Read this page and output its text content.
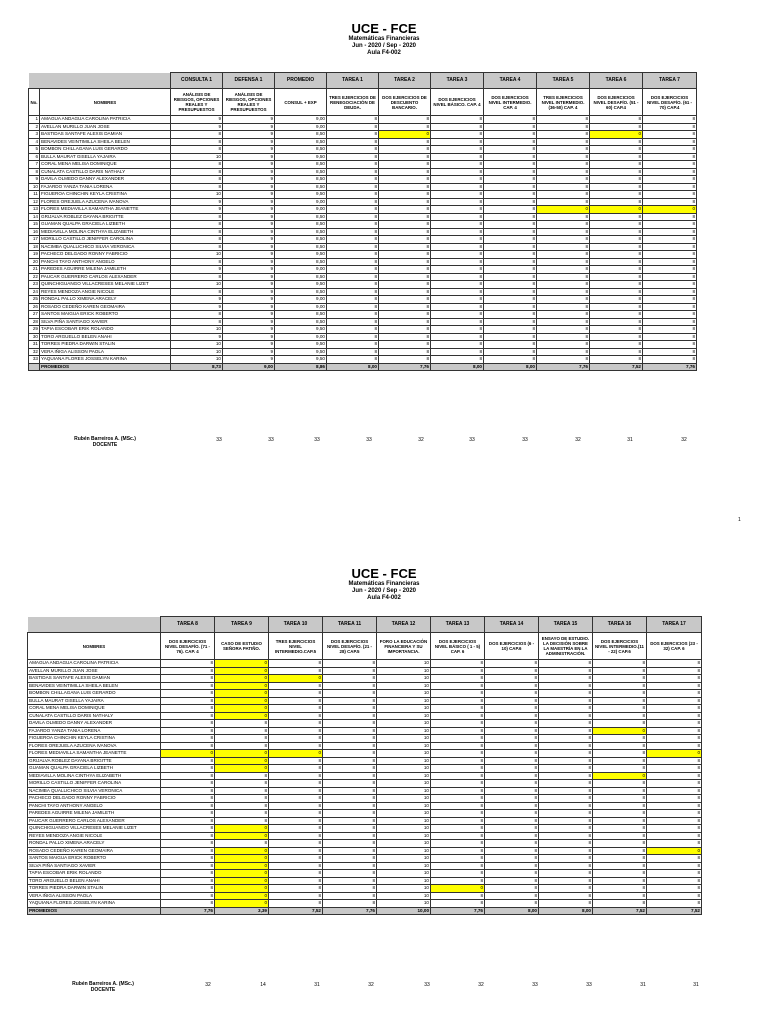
UCE - FCE
Matemáticas Financieras
Jun - 2020 / Sep - 2020
Aula F4-002
		CONSULTA 1	DEFENSA 1	PROMEDIO	TAREA 1	TAREA 2	TAREA 3	TAREA 4	TAREA 5	TAREA 6	TAREA 7
No.	NOMBRES	ANÁLISIS DE RIESGOS, OPCIONES REALES Y PRESUPUESTOS	ANÁLISIS DE RIESGOS, OPCIONES REALES Y PRESUPUESTOS	CONSUL + EXP	TRES EJERCICIOS DE RENEGOCIACIÓN DE DEUDA.	DOS EJERCICIOS DE DESCUENTO BANCARIO.	DOS EJERCICIOS NIVEL BÁSICO. CAP. 4	DOS EJERCICIOS NIVEL INTERMEDIO. CAP. 4	TRES EJERCICIOS NIVEL INTERMEDIO. (36-50) CAP. 4	DOS EJERCICIOS NIVEL DESAFÍO. (51 - 60) CAP.4	DOS EJERCICIOS NIVEL DESAFÍO. (61 - 70) CAP.4
1	AMAGUA ANDAGUA CAROLINA PATRICIA	9	9	9,00	8	8	8	8	8	8	8
2	AVELLAN MURILLO JUAN JOSE	9	9	9,00	8	8	8	8	8	8	8
3	BASTIDAS SANTAFE ALEXIS DAMIAN	8	9	8,50	8	0	8	8	8	0	8
4	BENAVIDES VEINTIMILLA SHEILA BELEN	8	9	8,50	8	8	8	8	8	8	8
5	BOMBON CHILLAGANA LUIS GERARDO	8	9	8,50	8	8	8	8	8	8	8
6	BULLA MAURAT GISELLA YAJAIRA	10	9	9,50	8	8	8	8	8	8	8
7	CORAL MENA MELISA DOMINIQUE	8	9	8,50	8	8	8	8	8	8	8
8	CUNALATA CASTILLO DARIS NATHALY	8	9	8,50	8	8	8	8	8	8	8
9	DAVILA OLMEDO DANNY ALEXANDER	8	9	8,50	8	8	8	8	8	8	8
10	FAJARDO YANZA TANIA LORENA	8	9	8,50	8	8	8	8	8	8	8
11	FIGUEROA CHINCHIN KEYLA CRISTINA	10	9	9,50	8	8	8	8	8	8	8
12	FLORES OREJUELA AZUCENA IVANOVA	9	9	9,00	8	8	8	8	8	8	8
13	FLORES MEDIAVILLA SAMANTHA JEANETTE	9	9	9,00	8	8	8	8	0	0	0
14	GRIJALVA ROBLEZ DAYANA BRIGITTE	8	9	8,50	8	8	8	8	8	8	8
15	GUAMAN QUALPA GRACIELA LIZBETH	8	9	8,50	8	8	8	8	8	8	8
16	MEDIAVILLA MOLINA CINTHYA ELIZABETH	8	9	8,50	8	8	8	8	8	8	8
17	MORILLO CASTILLO JENIFFER CAROLINA	8	9	8,50	8	8	8	8	8	8	8
18	NACIMBA QUALLICHICO SILVIA VERONICA	8	9	8,50	8	8	8	8	8	8	8
19	PACHECO DELGADO RONNY FABRICIO	10	9	9,50	8	8	8	8	8	8	8
20	PANCHI TAYO ANTHONY ANGELO	8	9	8,50	8	8	8	8	8	8	8
21	PAREDES AGUIRRE MILENA JAMILETH	9	9	9,00	8	8	8	8	8	8	8
22	PAUCAR GUERRERO CARLOS ALEXANDER	8	9	8,50	8	8	8	8	8	8	8
23	QUINCHIGUANGO VILLACRESES MELANIE LIZET	10	9	9,50	8	8	8	8	8	8	8
24	REYES MENDOZA ANGIE NICOLE	8	9	8,50	8	8	8	8	8	8	8
25	RONDAL PALLO XIMENA ARACELY	9	9	9,00	8	8	8	8	8	8	8
26	ROSADO CEDEÑO KAREN GEOMAIRA	9	9	9,00	8	8	8	8	8	8	8
27	SANTOS MAIGUA ERICK ROBERTO	8	9	8,50	8	8	8	8	8	8	8
28	SILVA PIÑA SANTIAGO XAVIER	8	9	8,50	8	8	8	8	8	8	8
29	TAPIA ESCOBAR ERIK ROLANDO	10	9	9,50	8	8	8	8	8	8	8
30	TORO ARGUELLO BELEN ANAHI	9	9	9,00	8	8	8	8	8	8	8
31	TORRES PIEDRA DARWIN STALIN	10	9	9,50	8	8	8	8	8	8	8
32	VERA IÑIGA ALISSON PAOLA	10	9	9,50	8	8	8	8	8	8	8
33	YAQUIANA FLORES JOSSELYN KARINA	10	9	9,50	8	8	8	8	8	8	8
	PROMEDIOS	8,73	9,00	8,86	8,00	7,76	8,00	8,00	7,76	7,52	7,76
Rubén Barreiros A. (MSc.)
DOCENTE
33	33	33	33	32	33	33	32	31	32
1
UCE - FCE
Matemáticas Financieras
Jun - 2020 / Sep - 2020
Aula F4-002
	TAREA 8	TAREA 9	TAREA 10	TAREA 11	TAREA 12	TAREA 13	TAREA 14	TAREA 15	TAREA 16	TAREA 17
NOMBRES	DOS EJERCICIOS NIVEL DESAFÍO. (71 - 76). CAP. 4	CASO DE ESTUDIO SEÑORA PATIÑO.	TRES EJERCICIOS NIVEL INTERMEDIO.CAP.5	DOS EJERCICIOS NIVEL DESAFÍO. (21 - 28) CAP.5	FORO LA EDUCACIÓN FINANCIERA Y SU IMPORTANCIA.	DOS EJERCICIOS NIVEL BÁSICO ( 1 - 5) CAP. 6	DOS EJERCICIOS (6 - 10) CAP.6	ENSAYO DE ESTUDIO. LA DECISIÓN SOBRE LA MAESTRÍA EN LA ADMINISTRACIÓN.	DOS EJERCICIOS NIVEL INTERMEDIO.(11 - 22) CAP.6	DOS EJERCICIOS (23 - 32) CAP. 6
AMAGUA ANDAGUA CAROLINA PATRICIA	8	0	8	8	10	8	8	8	8	8
AVELLAN MURILLO JUAN JOSE	8	0	8	8	10	8	8	8	8	8
BASTIDAS SANTAFE ALEXIS DAMIAN	8	0	0	8	10	8	8	8	8	8
BENAVIDES VEINTIMILLA SHEILA BELEN	8	0	8	8	10	8	8	8	8	8
BOMBON CHILLAGANA LUIS GERARDO	8	0	8	8	10	8	8	8	8	8
BULLA MAURAT GISELLA YAJAIRA	8	0	8	8	10	8	8	8	8	8
CORAL MENA MELISA DOMINIQUE	8	0	8	8	10	8	8	8	8	8
CUNALATA CASTILLO DARIS NATHALY	8	0	8	8	10	8	8	8	8	8
DAVILA OLMEDO DANNY ALEXANDER	8	8	8	8	10	8	8	8	8	8
FAJARDO YANZA TANIA LORENA	8	8	8	8	10	8	8	8	0	8
FIGUEROA CHINCHIN KEYLA CRISTINA	8	8	8	8	10	8	8	8	8	8
FLORES OREJUELA AZUCENA IVANOVA	8	8	8	8	10	8	8	8	8	8
FLORES MEDIAVILLA SAMANTHA JEANETTE	0	0	0	8	10	8	8	8	8	0
GRIJALVA ROBLEZ DAYANA BRIGITTE	8	0	8	8	10	8	8	8	8	8
GUAMAN QUALPA GRACIELA LIZBETH	8	0	8	8	10	8	8	8	8	8
MEDIAVILLA MOLINA CINTHYA ELIZABETH	8	8	8	8	10	8	8	8	0	8
MORILLO CASTILLO JENIFFER CAROLINA	8	8	8	8	10	8	8	8	8	8
NACIMBA QUALLICHICO SILVIA VERONICA	8	8	8	8	10	8	8	8	8	8
PACHECO DELGADO RONNY FABRICIO	8	8	8	8	10	8	8	8	8	8
PANCHI TAYO ANTHONY ANGELO	8	8	8	8	10	8	8	8	8	8
PAREDES AGUIRRE MILENA JAMILETH	8	8	8	8	10	8	8	8	8	8
PAUCAR GUERRERO CARLOS ALEXANDER	8	8	8	8	10	8	8	8	8	8
QUINCHIGUANGO VILLACRESES MELANIE LIZET	8	0	8	8	10	8	8	8	8	8
REYES MENDOZA ANGIE NICOLE	8	0	8	8	10	8	8	8	8	8
RONDAL PALLO XIMENA ARACELY	8	8	8	8	10	8	8	8	8	8
ROSADO CEDEÑO KAREN GEOMAIRA	8	0	8	8	10	8	8	8	8	0
SANTOS MAIGUA ERICK ROBERTO	8	0	8	8	10	8	8	8	8	8
SILVA PIÑA SANTIAGO XAVIER	8	0	8	8	10	8	8	8	8	8
TAPIA ESCOBAR ERIK ROLANDO	8	0	8	8	10	8	8	8	8	8
TORO ARGUELLO BELEN ANAHI	8	0	8	8	10	8	8	8	8	8
TORRES PIEDRA DARWIN STALIN	8	0	8	8	10	0	8	8	8	8
VERA IÑIGA ALISSON PAOLA	8	0	8	8	10	8	8	8	8	8
YAQUIANA FLORES JOSSELYN KARINA	8	0	8	8	10	8	8	8	8	8
PROMEDIOS	7,76	3,39	7,52	7,76	10,00	7,76	8,00	8,00	7,52	7,52
Rubén Barreiros A. (MSc.)
DOCENTE
32	14	31	32	33	32	33	33	31	31
